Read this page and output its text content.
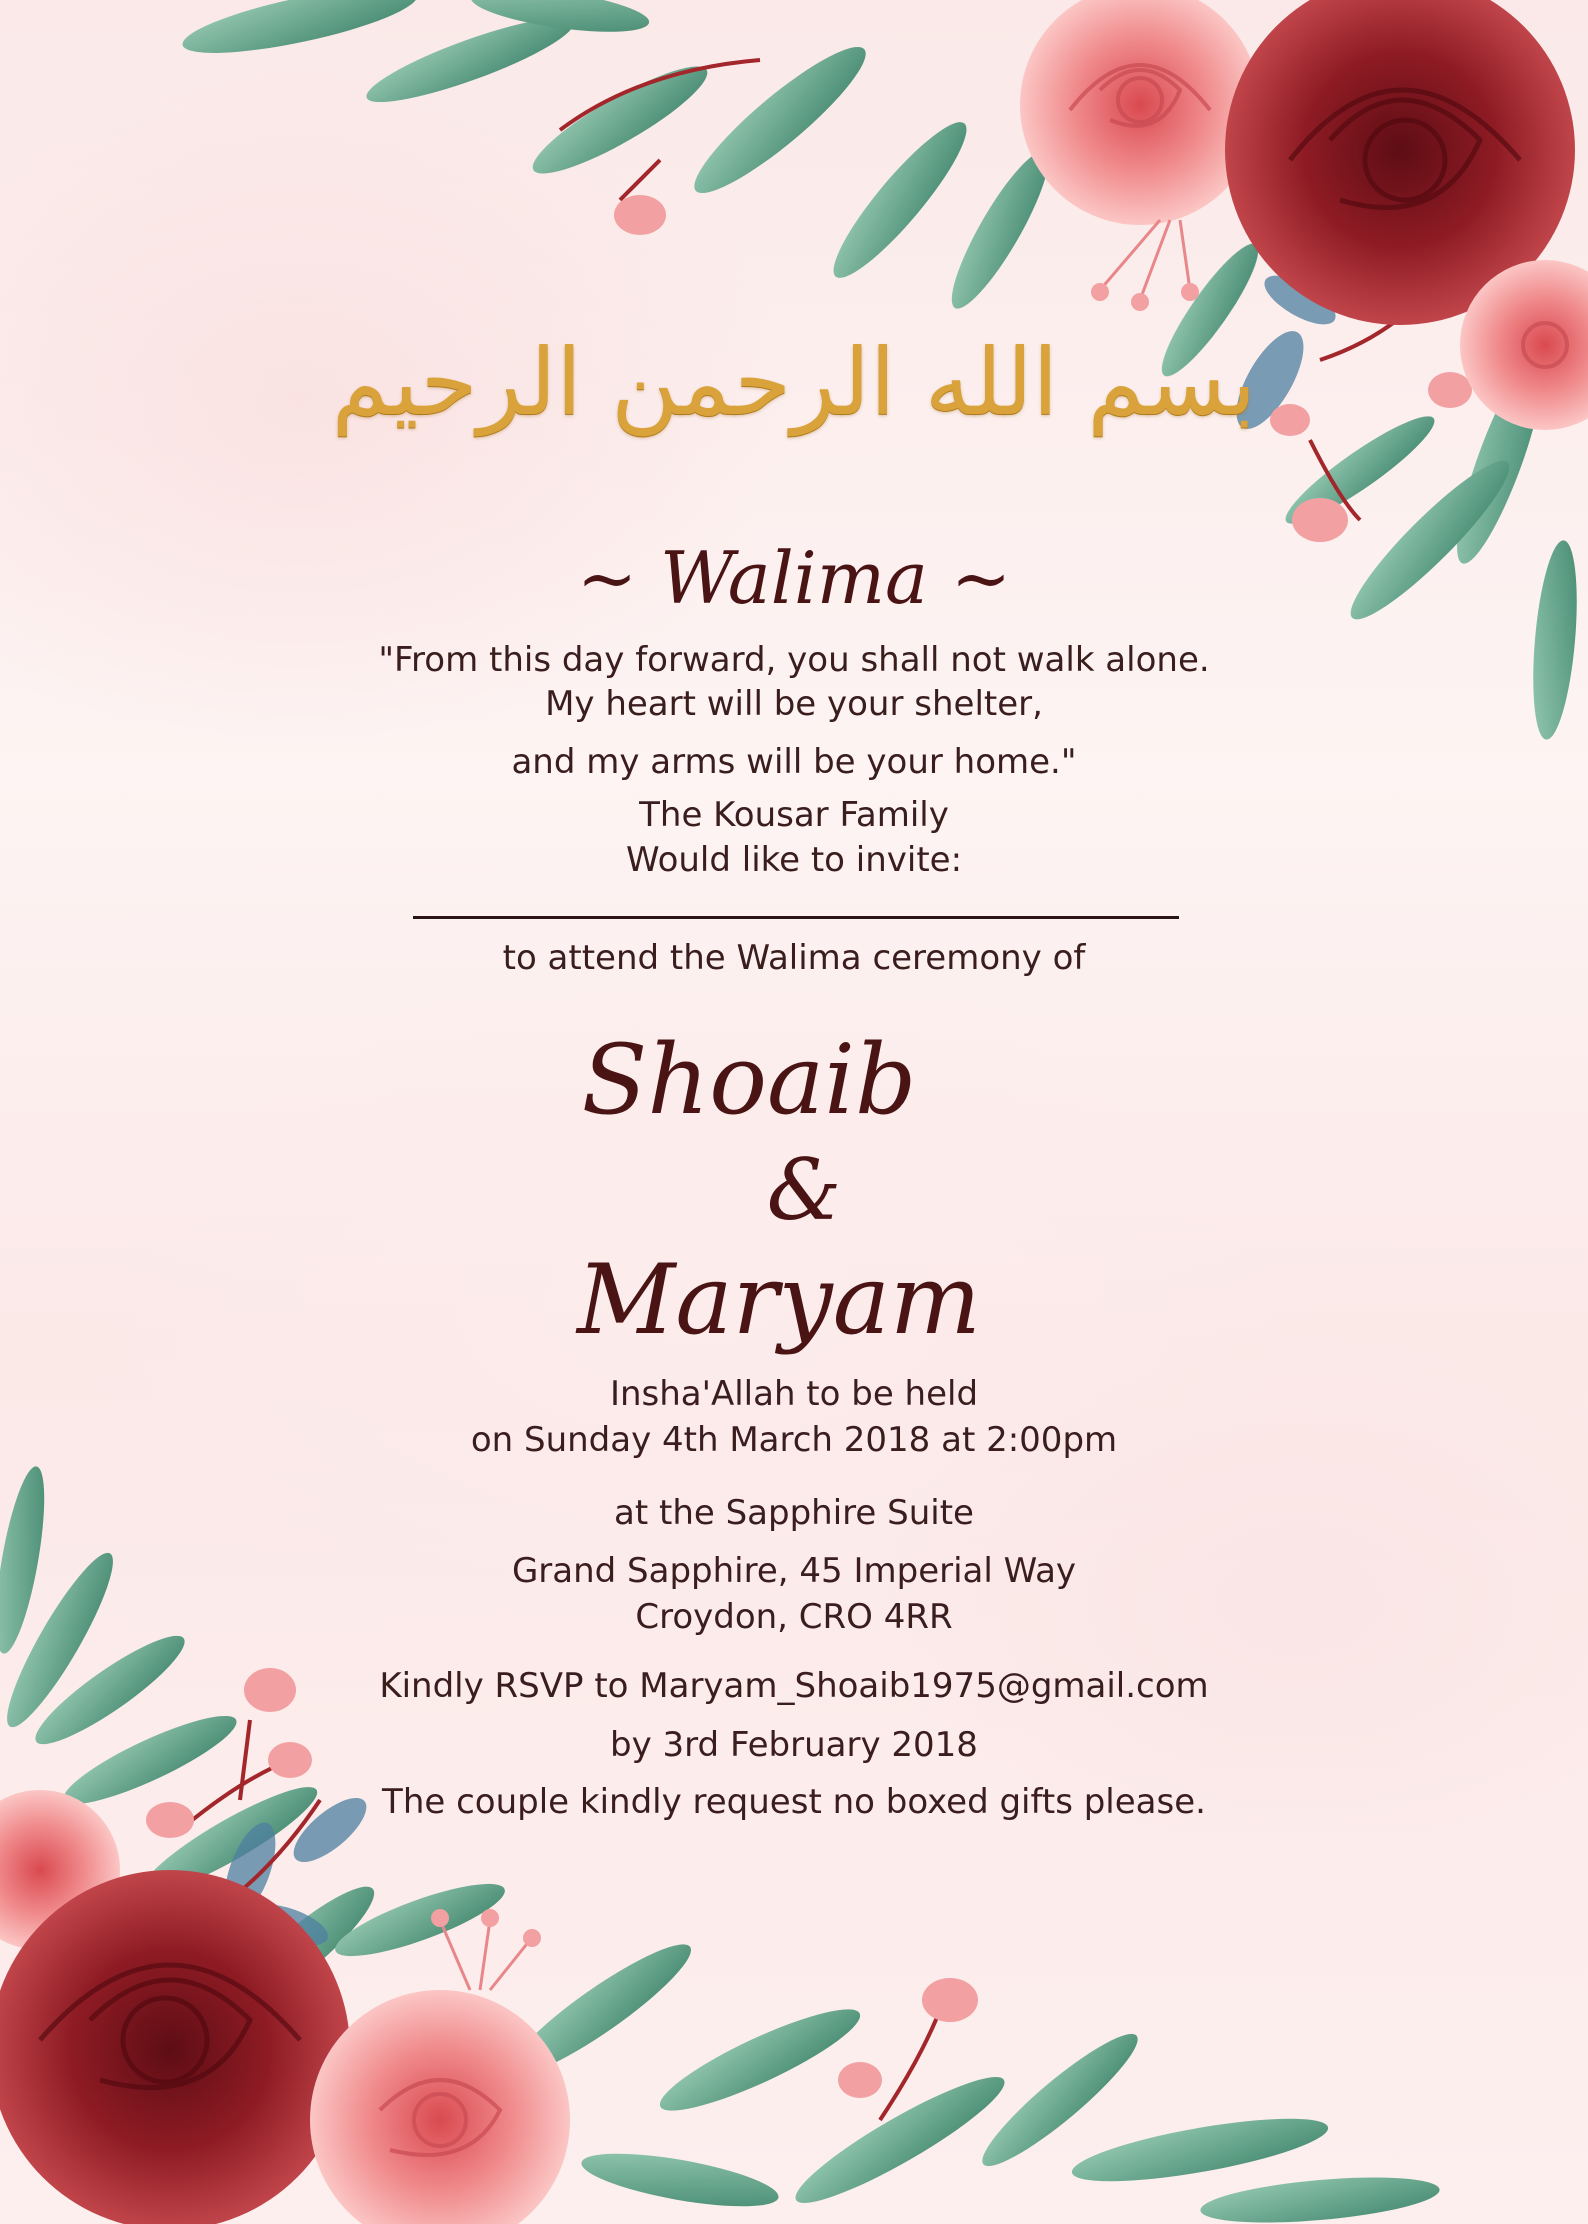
بسم الله الرحمن الرحيم
~ Walima ~
"From this day forward, you shall not walk alone.
My heart will be your shelter,
and my arms will be your home."
The Kousar Family
Would like to invite:
to attend the Walima ceremony of
Shoaib
&
Maryam
Insha'Allah to be held
on Sunday 4th March 2018 at 2:00pm
at the Sapphire Suite
Grand Sapphire, 45 Imperial Way
Croydon, CRO 4RR
Kindly RSVP to Maryam_Shoaib1975@gmail.com
by 3rd February 2018
The couple kindly request no boxed gifts please.
